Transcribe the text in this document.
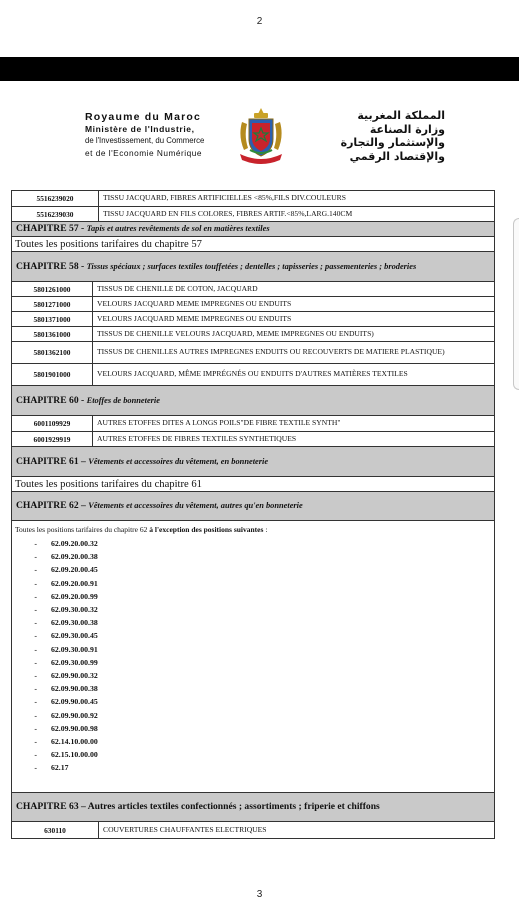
2
Royaume du Maroc
Ministère de l'Industrie,
de l'Investissement, du Commerce
et de l'Economie Numérique
المملكة المغربية
وزارة الصناعة
والإستثمار والتجارة
والإقتصاد الرقمي
5516239020	TISSU JACQUARD, FIBRES ARTIFICIELLES <85%,FILS DIV.COULEURS
5516239030	TISSU JACQUARD EN FILS COLORES, FIBRES ARTIF.<85%,LARG.140CM
CHAPITRE 57 - Tapis et autres revêtements de sol en matières textiles
Toutes les positions tarifaires du chapitre 57
CHAPITRE 58 - Tissus spéciaux ; surfaces textiles touffetées ; dentelles ; tapisseries ; passementeries ; broderies
5801261000	TISSUS DE CHENILLE DE COTON, JACQUARD
5801271000	VELOURS JACQUARD MEME IMPREGNES OU ENDUITS
5801371000	VELOURS JACQUARD MEME IMPREGNES OU ENDUITS
5801361000	TISSUS DE CHENILLE VELOURS JACQUARD, MEME IMPREGNES OU ENDUITS)
5801362100	TISSUS DE CHENILLES AUTRES IMPREGNES ENDUITS OU RECOUVERTS DE MATIERE PLASTIQUE)
5801901000	VELOURS JACQUARD, MÊME IMPRÉGNÉS OU ENDUITS D'AUTRES MATIÈRES TEXTILES
CHAPITRE 60 - Etoffes de bonneterie
6001109929	AUTRES ETOFFES DITES A LONGS POILS"DE FIBRE TEXTILE SYNTH"
6001929919	AUTRES ETOFFES DE FIBRES TEXTILES SYNTHETIQUES
CHAPITRE 61 – Vêtements et accessoires du vêtement, en bonneterie
Toutes les positions tarifaires du chapitre 61
CHAPITRE 62 – Vêtements et accessoires du vêtement, autres qu'en bonneterie
Toutes les positions tarifaires du chapitre 62 à l'exception des positions suivantes :
-	62.09.20.00.32
-	62.09.20.00.38
-	62.09.20.00.45
-	62.09.20.00.91
-	62.09.20.00.99
-	62.09.30.00.32
-	62.09.30.00.38
-	62.09.30.00.45
-	62.09.30.00.91
-	62.09.30.00.99
-	62.09.90.00.32
-	62.09.90.00.38
-	62.09.90.00.45
-	62.09.90.00.92
-	62.09.90.00.98
-	62.14.10.00.00
-	62.15.10.00.00
-	62.17
CHAPITRE 63 – Autres articles textiles confectionnés ; assortiments ; friperie et chiffons
630110	COUVERTURES CHAUFFANTES ELECTRIQUES
3
